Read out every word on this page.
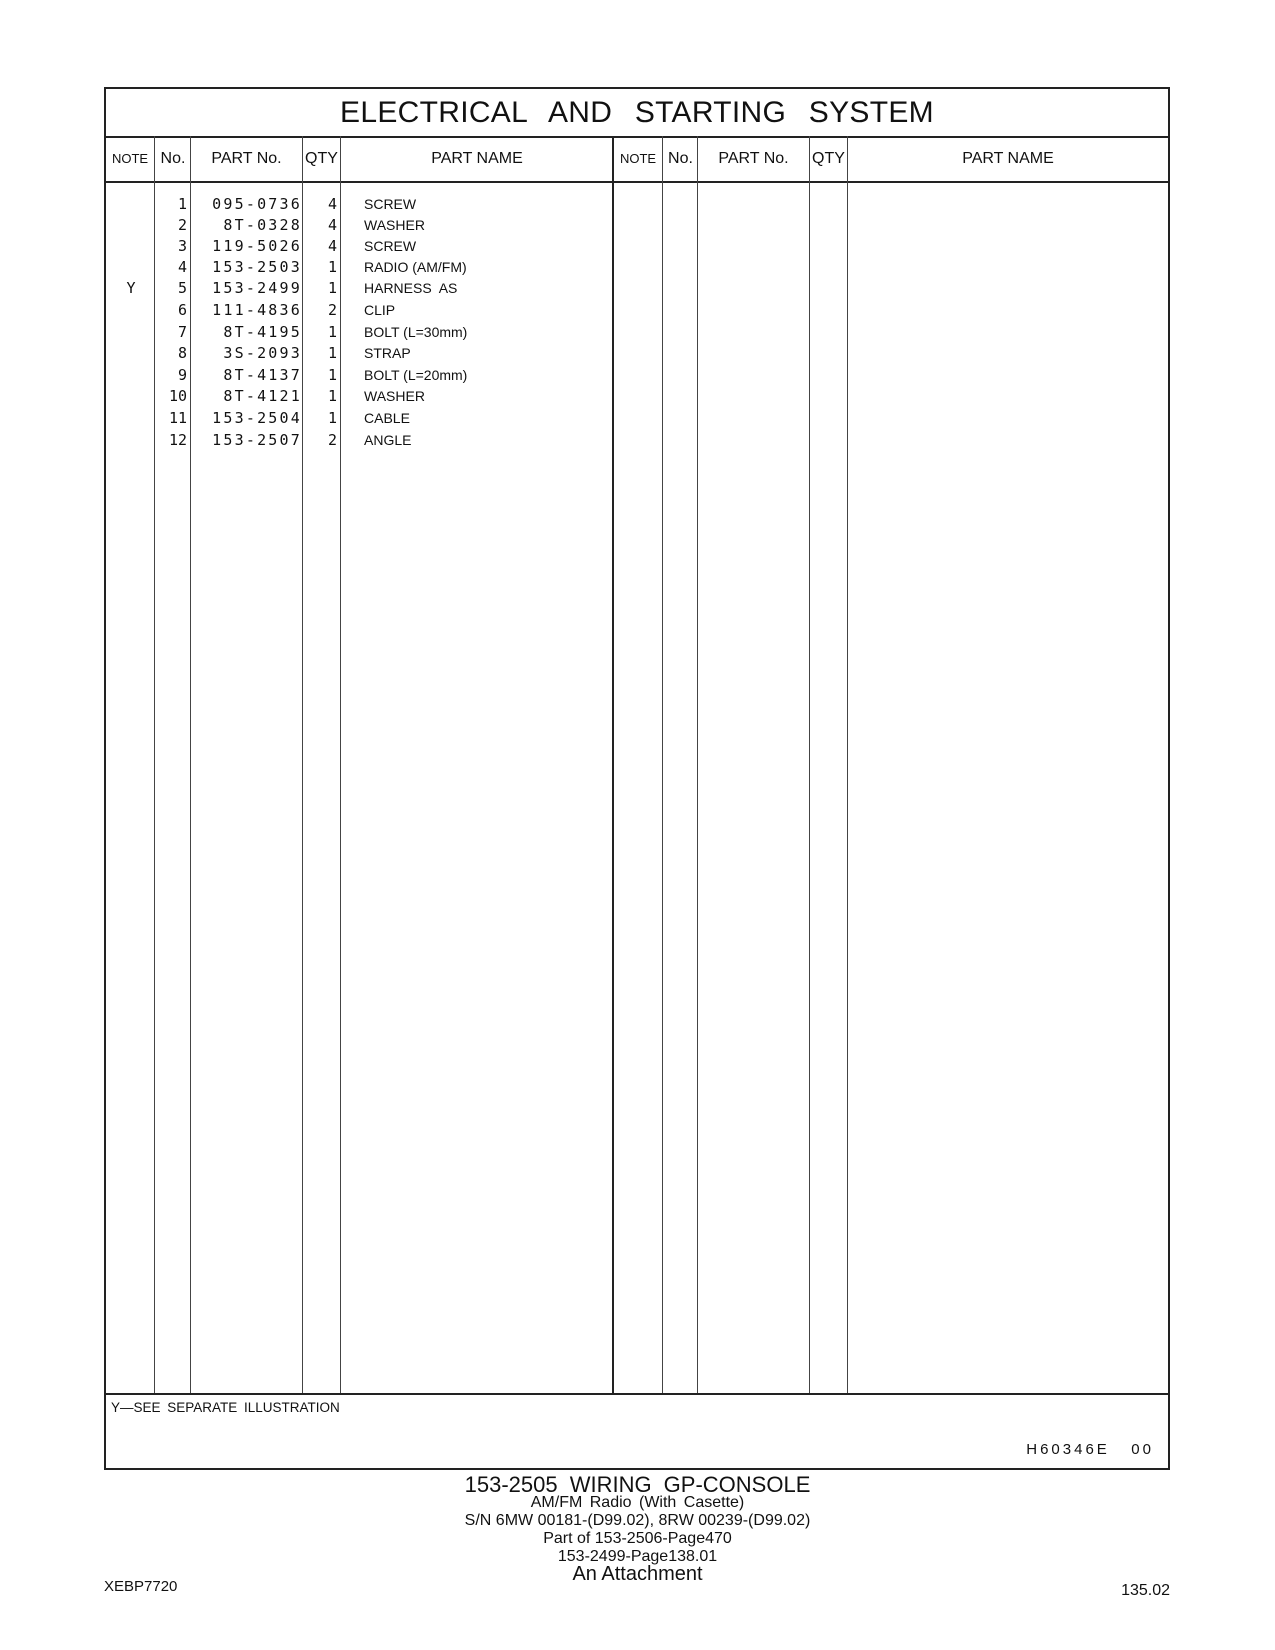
ELECTRICAL AND STARTING SYSTEM
NOTE No.	PART No.	QTY	PART NAME	NOTE No.	PART No.	QTY	PART NAME
1	095-0736	4 SCREW
2	8T-0328	4 WASHER
3	119-5026	4 SCREW
4	153-2503	1 RADIO (AM/FM)
Y	5	153-2499	1 HARNESS  AS
6	111-4836	2 CLIP
7	8T-4195	1 BOLT (L=30mm)
8	3S-2093	1 STRAP
9	8T-4137	1 BOLT (L=20mm)
10	8T-4121	1 WASHER
11	153-2504	1 CABLE
12	153-2507	2 ANGLE
Y—SEE SEPARATE ILLUSTRATION
H60346E   00
153-2505 WIRING GP-CONSOLE
AM/FM Radio (With Casette)
S/N 6MW 00181-(D99.02), 8RW 00239-(D99.02)
Part of 153-2506-Page470
153-2499-Page138.01
An Attachment
XEBP7720	135.02
